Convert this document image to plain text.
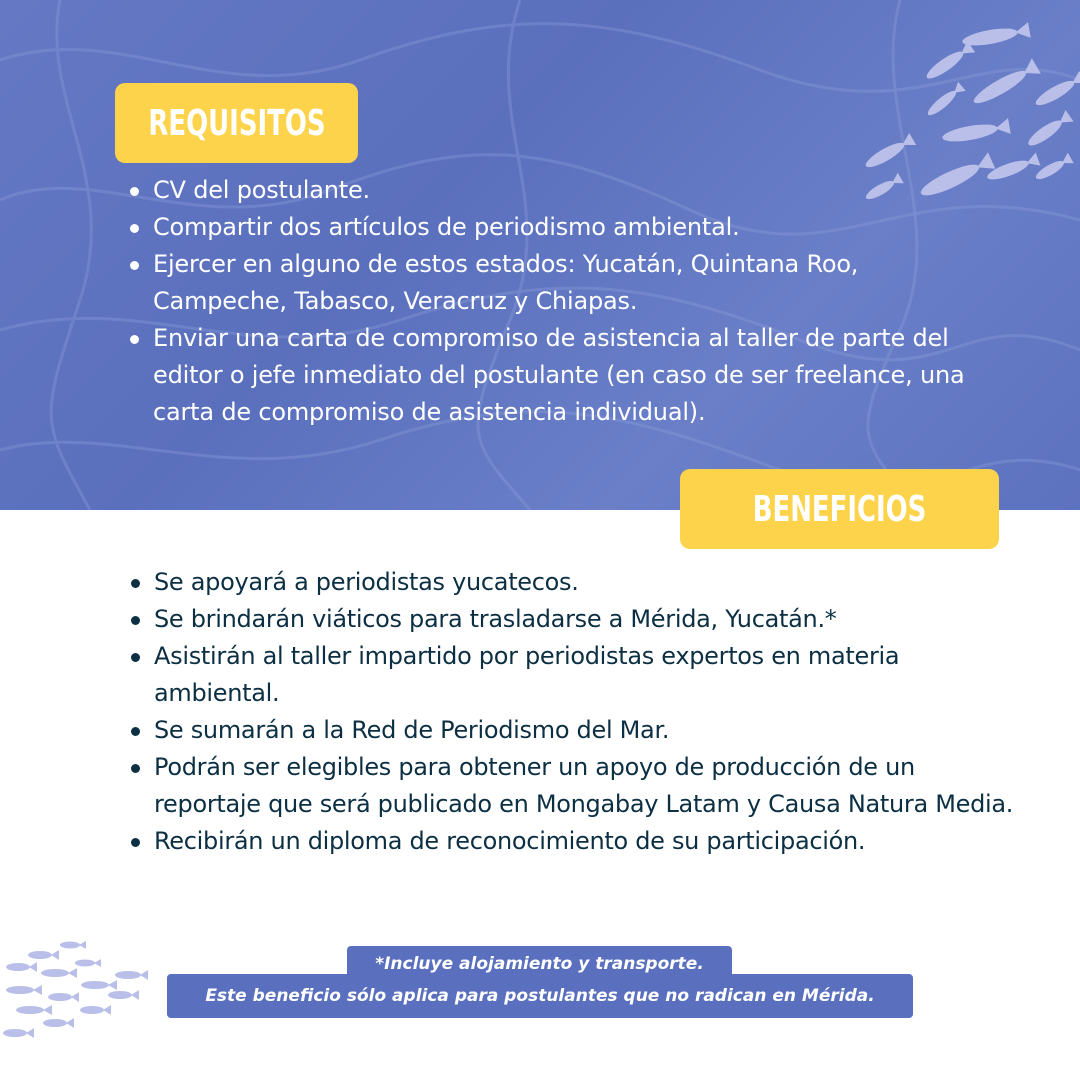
REQUISITOS
CV del postulante.
Compartir dos artículos de periodismo ambiental.
Ejercer en alguno de estos estados: Yucatán, Quintana Roo, Campeche, Tabasco, Veracruz y Chiapas.
Enviar una carta de compromiso de asistencia al taller de parte del editor o jefe inmediato del postulante (en caso de ser freelance, una carta de compromiso de asistencia individual).
BENEFICIOS
Se apoyará a periodistas yucatecos.
Se brindarán viáticos para trasladarse a Mérida, Yucatán.*
Asistirán al taller impartido por periodistas expertos en materia ambiental.
Se sumarán a la Red de Periodismo del Mar.
Podrán ser elegibles para obtener un apoyo de producción de un reportaje que será publicado en Mongabay Latam y Causa Natura Media.
Recibirán un diploma de reconocimiento de su participación.
*Incluye alojamiento y transporte.
Este beneficio sólo aplica para postulantes que no radican en Mérida.
